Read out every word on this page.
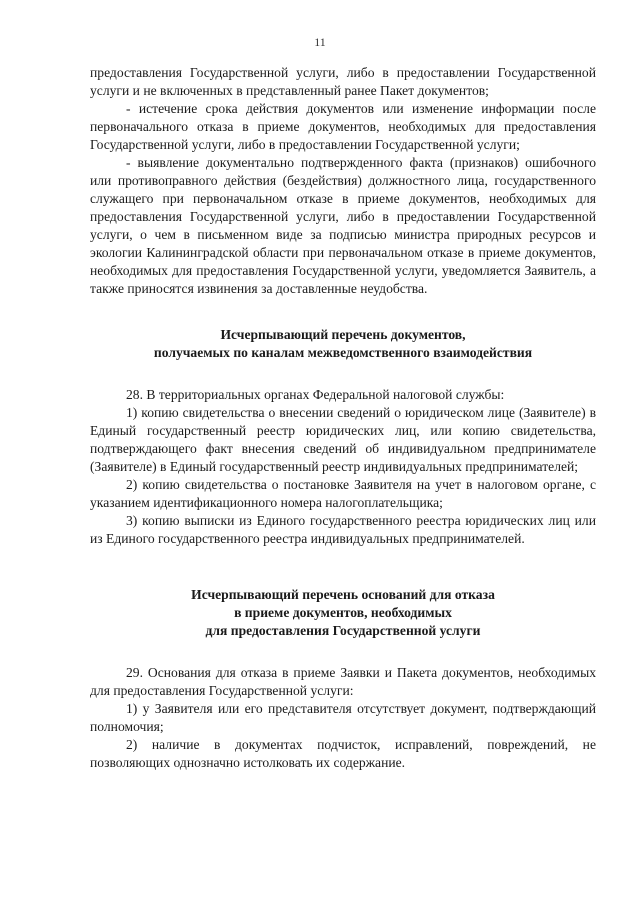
11

предоставления Государственной услуги, либо в предоставлении Государственной услуги и не включенных в представленный ранее Пакет документов;

- истечение срока действия документов или изменение информации после первоначального отказа в приеме документов, необходимых для предоставления Государственной услуги, либо в предоставлении Государственной услуги;

- выявление документально подтвержденного факта (признаков) ошибочного или противоправного действия (бездействия) должностного лица, государственного служащего при первоначальном отказе в приеме документов, необходимых для предоставления Государственной услуги, либо в предоставлении Государственной услуги, о чем в письменном виде за подписью министра природных ресурсов и экологии Калининградской области при первоначальном отказе в приеме документов, необходимых для предоставления Государственной услуги, уведомляется Заявитель, а также приносятся извинения за доставленные неудобства.

Исчерпывающий перечень документов,
получаемых по каналам межведомственного взаимодействия

28. В территориальных органах Федеральной налоговой службы:

1) копию свидетельства о внесении сведений о юридическом лице (Заявителе) в Единый государственный реестр юридических лиц, или копию свидетельства, подтверждающего факт внесения сведений об индивидуальном предпринимателе (Заявителе) в Единый государственный реестр индивидуальных предпринимателей;

2) копию свидетельства о постановке Заявителя на учет в налоговом органе, с указанием идентификационного номера налогоплательщика;

3) копию выписки из Единого государственного реестра юридических лиц или из Единого государственного реестра индивидуальных предпринимателей.

Исчерпывающий перечень оснований для отказа
в приеме документов, необходимых
для предоставления Государственной услуги

29. Основания для отказа в приеме Заявки и Пакета документов, необходимых для предоставления Государственной услуги:

1) у Заявителя или его представителя отсутствует документ, подтверждающий полномочия;

2) наличие в документах подчисток, исправлений, повреждений, не позволяющих однозначно истолковать их содержание.
